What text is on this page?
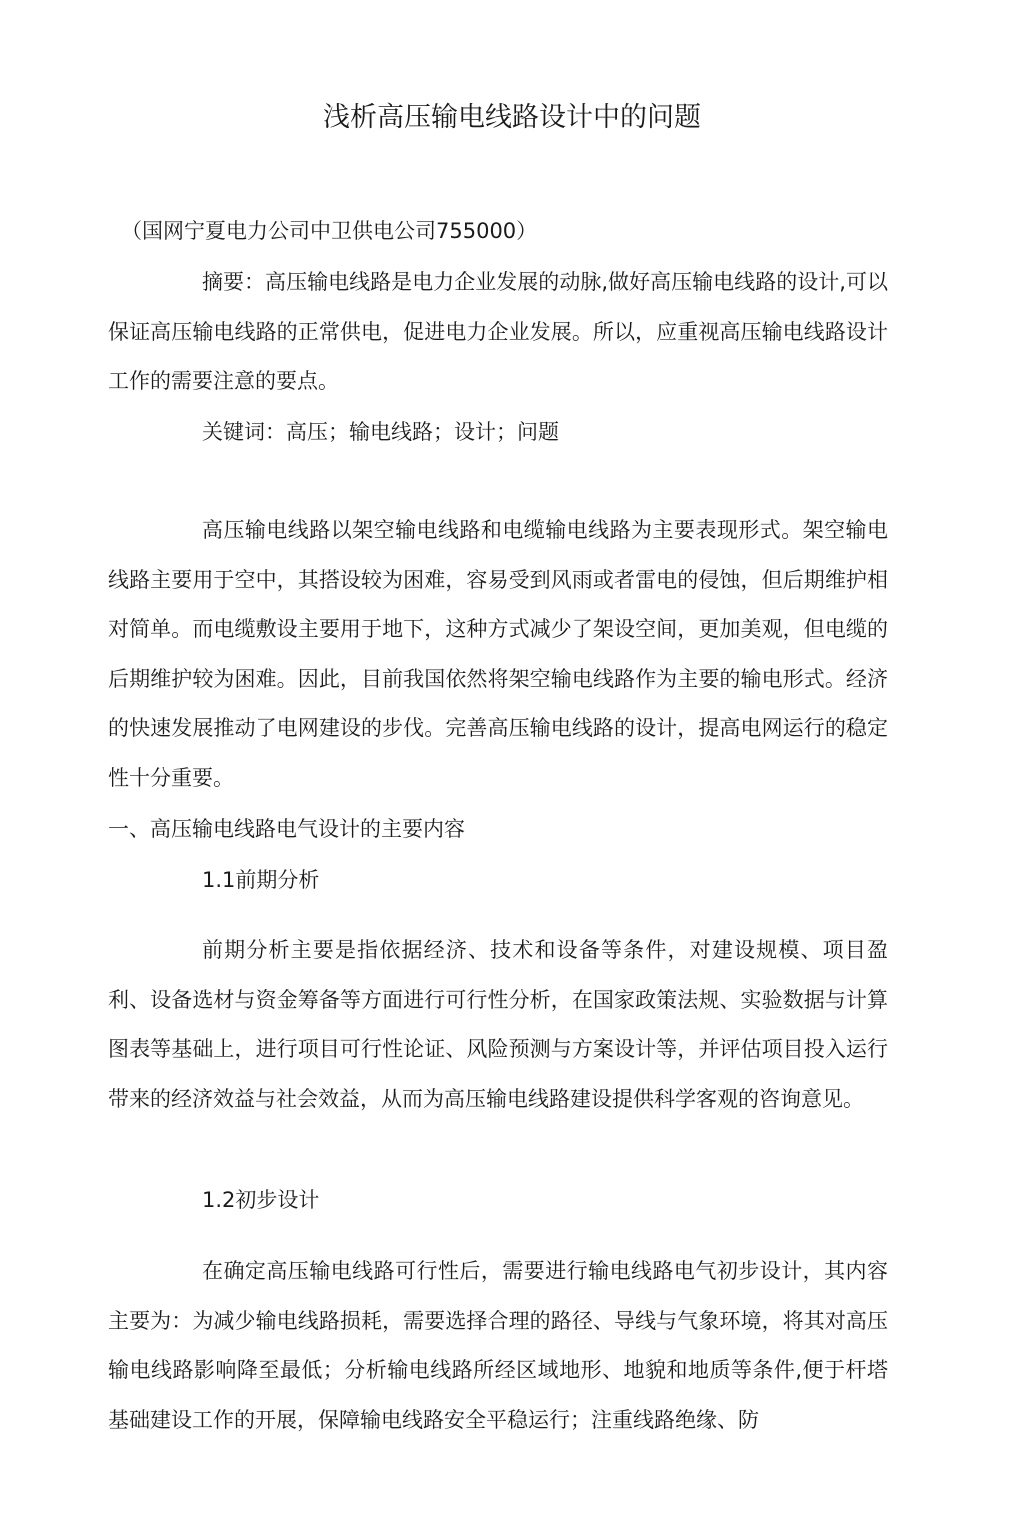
浅析高压输电线路设计中的问题
（国网宁夏电力公司中卫供电公司755000）

摘要：高压输电线路是电力企业发展的动脉,做好高压输电线路的设计,可以保证高压输电线路的正常供电，促进电力企业发展。所以，应重视高压输电线路设计工作的需要注意的要点。

关键词：高压；输电线路；设计；问题

高压输电线路以架空输电线路和电缆输电线路为主要表现形式。架空输电线路主要用于空中，其搭设较为困难，容易受到风雨或者雷电的侵蚀，但后期维护相对简单。而电缆敷设主要用于地下，这种方式减少了架设空间，更加美观，但电缆的后期维护较为困难。因此，目前我国依然将架空输电线路作为主要的输电形式。经济的快速发展推动了电网建设的步伐。完善高压输电线路的设计，提高电网运行的稳定性十分重要。

一、高压输电线路电气设计的主要内容
1.1前期分析

前期分析主要是指依据经济、技术和设备等条件，对建设规模、项目盈利、设备选材与资金筹备等方面进行可行性分析，在国家政策法规、实验数据与计算图表等基础上，进行项目可行性论证、风险预测与方案设计等，并评估项目投入运行带来的经济效益与社会效益，从而为高压输电线路建设提供科学客观的咨询意见。

1.2初步设计

在确定高压输电线路可行性后，需要进行输电线路电气初步设计，其内容主要为：为减少输电线路损耗，需要选择合理的路径、导线与气象环境，将其对高压输电线路影响降至最低；分析输电线路所经区域地形、地貌和地质等条件,便于杆塔基础建设工作的开展，保障输电线路安全平稳运行；注重线路绝缘、防
